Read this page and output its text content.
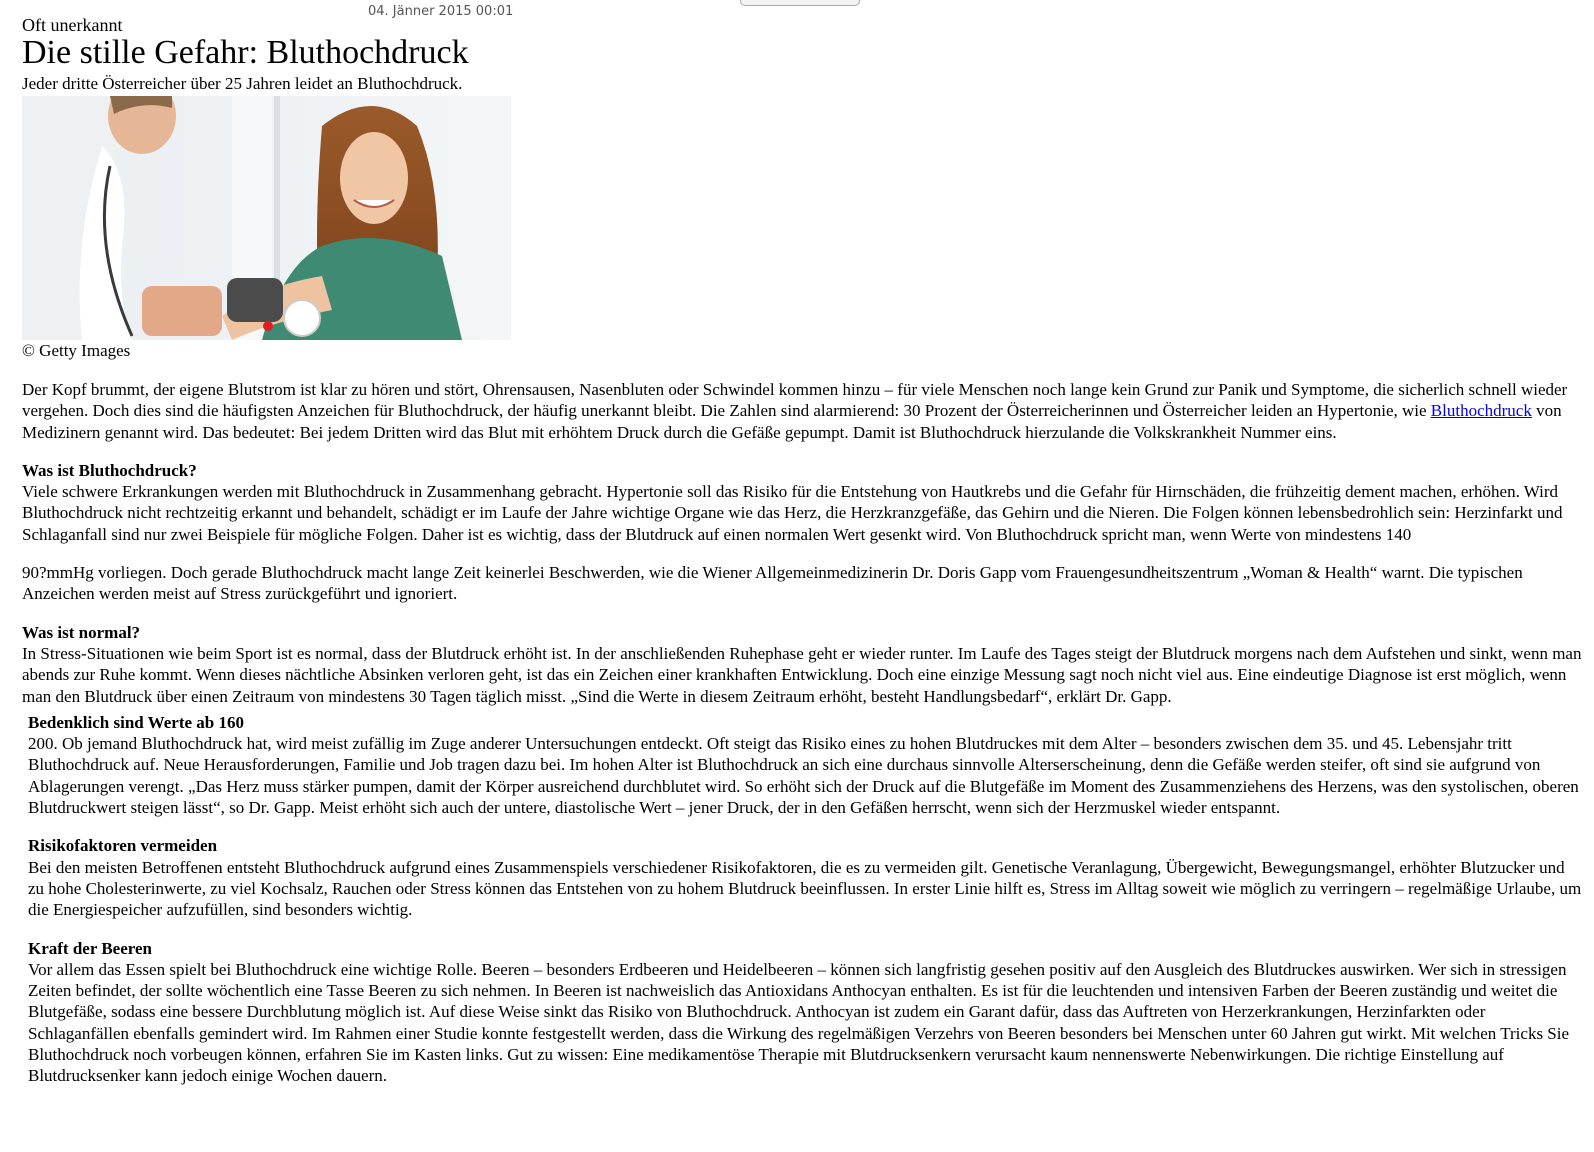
04. Jänner 2015 00:01
Oft unerkannt
Die stille Gefahr: Bluthochdruck
Jeder dritte Österreicher über 25 Jahren leidet an Bluthochdruck.
© Getty Images

Der Kopf brummt, der eigene Blutstrom ist klar zu hören und stört, Ohrensausen, Nasenbluten oder Schwindel kommen hinzu – für viele Menschen noch lange kein Grund zur Panik und Symptome, die sicherlich schnell wieder vergehen. Doch dies sind die häufigsten Anzeichen für Bluthochdruck, der häufig unerkannt bleibt. Die Zahlen sind alarmierend: 30 Prozent der Österreicherinnen und Österreicher leiden an Hypertonie, wie Bluthochdruck von Medizinern genannt wird. Das bedeutet: Bei jedem Dritten wird das Blut mit erhöhtem Druck durch die Gefäße gepumpt. Damit ist Bluthochdruck hierzulande die Volkskrankheit Nummer eins.

Was ist Bluthochdruck?

Viele schwere Erkrankungen werden mit Bluthochdruck in Zusammenhang gebracht. Hypertonie soll das Risiko für die Entstehung von Hautkrebs und die Gefahr für Hirnschäden, die frühzeitig dement machen, erhöhen. Wird Bluthochdruck nicht rechtzeitig erkannt und behandelt, schädigt er im Laufe der Jahre wichtige Organe wie das Herz, die Herzkranzgefäße, das Gehirn und die Nieren. Die Folgen können lebensbedrohlich sein: Herzinfarkt und Schlaganfall sind nur zwei Beispiele für mögliche Folgen. Daher ist es wichtig, dass der Blutdruck auf einen normalen Wert gesenkt wird. Von Bluthochdruck spricht man, wenn Werte von mindestens 140

90?mmHg vorliegen. Doch gerade Bluthochdruck macht lange Zeit keinerlei Beschwerden, wie die Wiener Allgemeinmedizinerin Dr. Doris Gapp vom Frauengesundheitszentrum „Woman & Health“ warnt. Die typischen Anzeichen werden meist auf Stress zurückgeführt und ignoriert.

Was ist normal?

In Stress-Situationen wie beim Sport ist es normal, dass der Blutdruck erhöht ist. In der anschließenden Ruhephase geht er wieder runter. Im Laufe des Tages steigt der Blutdruck morgens nach dem Aufstehen und sinkt, wenn man abends zur Ruhe kommt. Wenn dieses nächtliche Absinken verloren geht, ist das ein Zeichen einer krankhaften Entwicklung. Doch eine einzige Messung sagt noch nicht viel aus. Eine eindeutige Diagnose ist erst möglich, wenn man den Blutdruck über einen Zeitraum von mindestens 30 Tagen täglich misst. „Sind die Werte in diesem Zeitraum erhöht, besteht Handlungsbedarf“, erklärt Dr. Gapp.

Bedenklich sind Werte ab 160

200. Ob jemand Bluthochdruck hat, wird meist zufällig im Zuge anderer Untersuchungen entdeckt. Oft steigt das Risiko eines zu hohen Blutdruckes mit dem Alter – besonders zwischen dem 35. und 45. Lebensjahr tritt Bluthochdruck auf. Neue Herausforderungen, Familie und Job tragen dazu bei. Im hohen Alter ist Bluthochdruck an sich eine durchaus sinnvolle Alterserscheinung, denn die Gefäße werden steifer, oft sind sie aufgrund von Ablagerungen verengt. „Das Herz muss stärker pumpen, damit der Körper ausreichend durchblutet wird. So erhöht sich der Druck auf die Blutgefäße im Moment des Zusammenziehens des Herzens, was den systolischen, oberen Blutdruckwert steigen lässt“, so Dr. Gapp. Meist erhöht sich auch der untere, diastolische Wert – jener Druck, der in den Gefäßen herrscht, wenn sich der Herzmuskel wieder entspannt.

Risikofaktoren vermeiden

Bei den meisten Betroffenen entsteht Bluthochdruck aufgrund eines Zusammenspiels verschiedener Risikofaktoren, die es zu vermeiden gilt. Genetische Veranlagung, Übergewicht, Bewegungsmangel, erhöhter Blutzucker und zu hohe Cholesterinwerte, zu viel Kochsalz, Rauchen oder Stress können das Entstehen von zu hohem Blutdruck beeinflussen. In erster Linie hilft es, Stress im Alltag soweit wie möglich zu verringern – regelmäßige Urlaube, um die Energiespeicher aufzufüllen, sind besonders wichtig.

Kraft der Beeren

Vor allem das Essen spielt bei Bluthochdruck eine wichtige Rolle. Beeren – besonders Erdbeeren und Heidelbeeren – können sich langfristig gesehen positiv auf den Ausgleich des Blutdruckes auswirken. Wer sich in stressigen Zeiten befindet, der sollte wöchentlich eine Tasse Beeren zu sich nehmen. In Beeren ist nachweislich das Antioxidans Anthocyan enthalten. Es ist für die leuchtenden und intensiven Farben der Beeren zuständig und weitet die Blutgefäße, sodass eine bessere Durchblutung möglich ist. Auf diese Weise sinkt das Risiko von Bluthochdruck. Anthocyan ist zudem ein Garant dafür, dass das Auftreten von Herzerkrankungen, Herzinfarkten oder Schlaganfällen ebenfalls gemindert wird. Im Rahmen einer Studie konnte festgestellt werden, dass die Wirkung des regelmäßigen Verzehrs von Beeren besonders bei Menschen unter 60 Jahren gut wirkt. Mit welchen Tricks Sie Bluthochdruck noch vorbeugen können, erfahren Sie im Kasten links. Gut zu wissen: Eine medikamentöse Therapie mit Blutdrucksenkern verursacht kaum nennenswerte Nebenwirkungen. Die richtige Einstellung auf Blutdrucksenker kann jedoch einige Wochen dauern.
